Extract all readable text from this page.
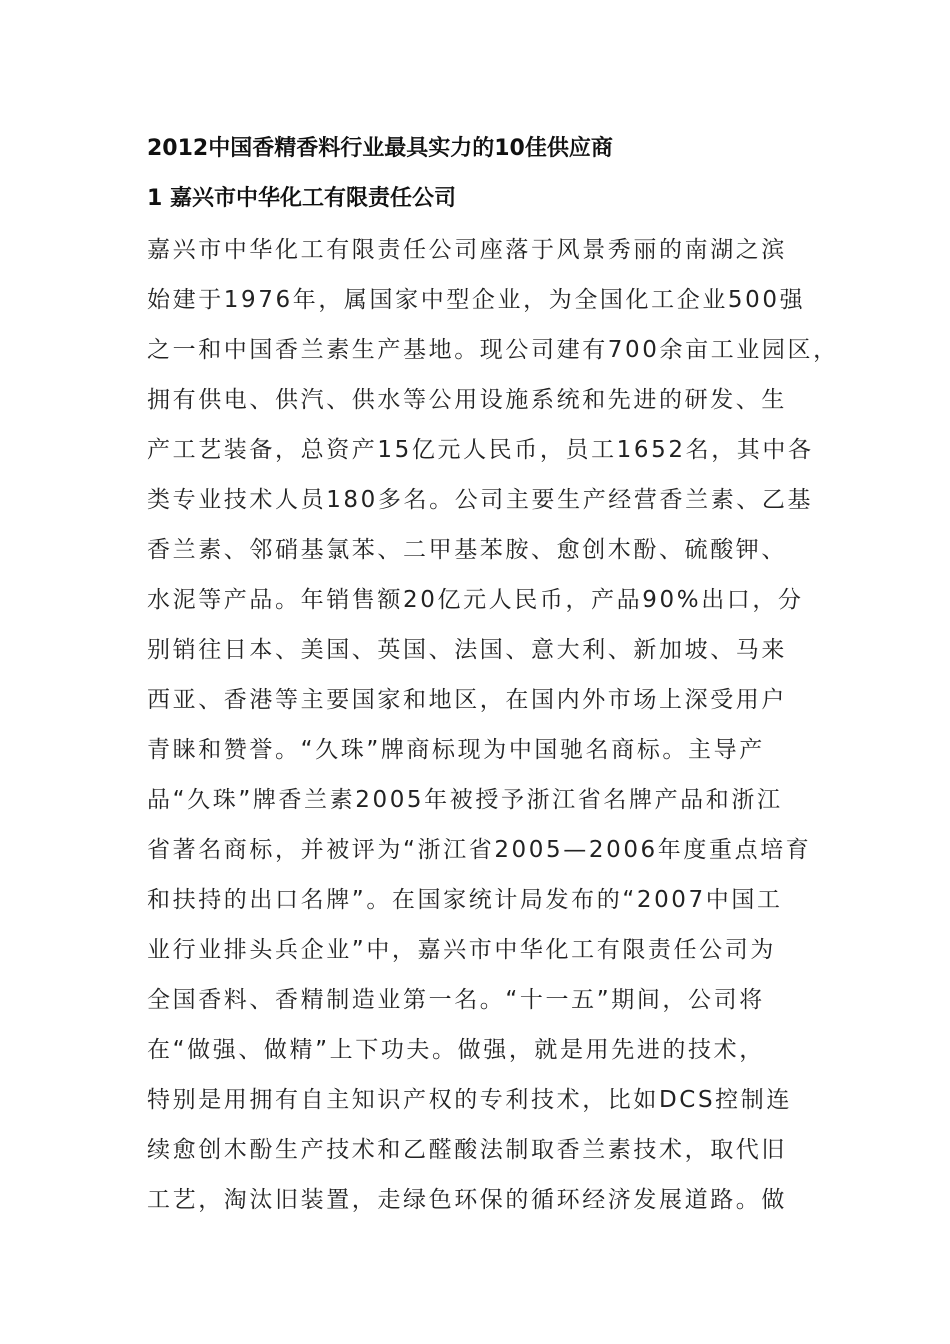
2012中国香精香料行业最具实力的10佳供应商
1 嘉兴市中华化工有限责任公司
嘉兴市中华化工有限责任公司座落于风景秀丽的南湖之滨
始建于1976年，属国家中型企业，为全国化工企业500强
之一和中国香兰素生产基地。现公司建有700余亩工业园区，
拥有供电、供汽、供水等公用设施系统和先进的研发、生
产工艺装备，总资产15亿元人民币，员工1652名，其中各
类专业技术人员180多名。公司主要生产经营香兰素、乙基
香兰素、邻硝基氯苯、二甲基苯胺、愈创木酚、硫酸钾、
水泥等产品。年销售额20亿元人民币，产品90%出口，分
别销往日本、美国、英国、法国、意大利、新加坡、马来
西亚、香港等主要国家和地区，在国内外市场上深受用户
青睐和赞誉。“久珠”牌商标现为中国驰名商标。主导产
品“久珠”牌香兰素2005年被授予浙江省名牌产品和浙江
省著名商标，并被评为“浙江省2005—2006年度重点培育
和扶持的出口名牌”。在国家统计局发布的“2007中国工
业行业排头兵企业”中，嘉兴市中华化工有限责任公司为
全国香料、香精制造业第一名。“十一五”期间，公司将
在“做强、做精”上下功夫。做强，就是用先进的技术，
特别是用拥有自主知识产权的专利技术，比如DCS控制连
续愈创木酚生产技术和乙醛酸法制取香兰素技术，取代旧
工艺，淘汰旧装置，走绿色环保的循环经济发展道路。做
